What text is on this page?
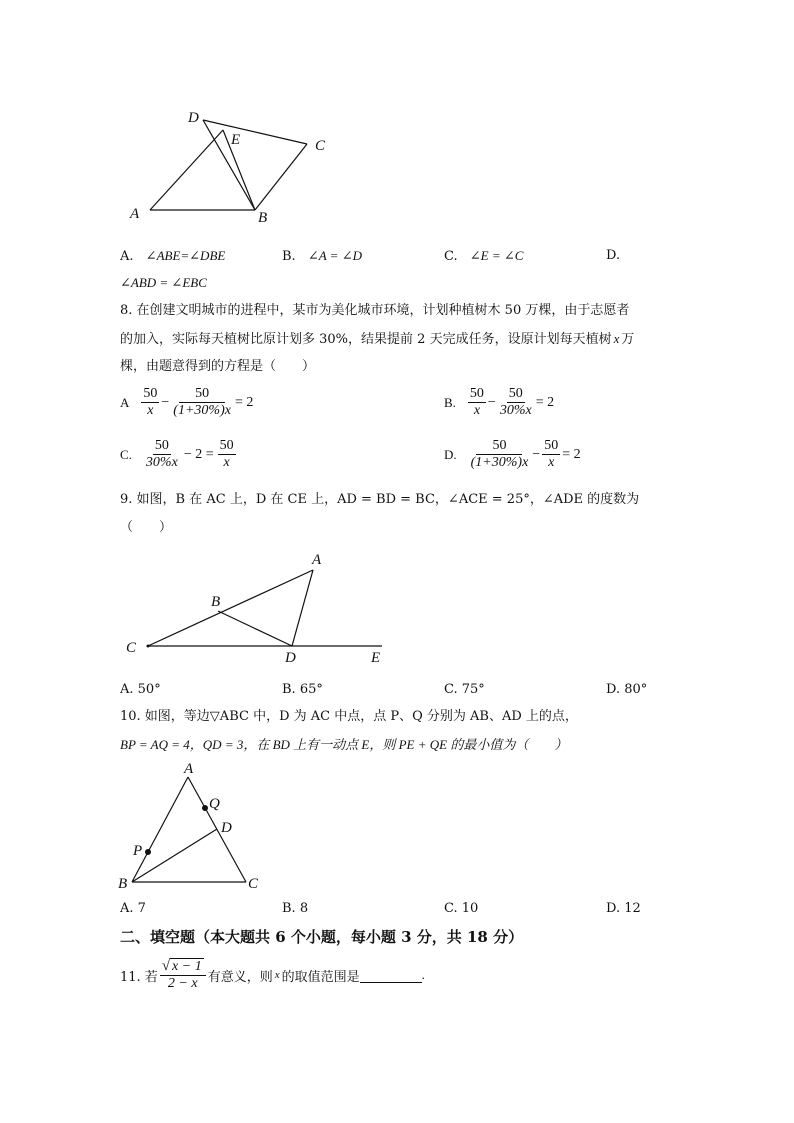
D
E	C
A	B
A. ∠ABE=∠DBE	B. ∠A = ∠D	C. ∠E = ∠C	D.
∠ABD = ∠EBC
8. 在创建文明城市的进程中，某市为美化城市环境，计划种植树木 50 万棵，由于志愿者
的加入，实际每天植树比原计划多 30%，结果提前 2 天完成任务，设原计划每天植树 x 万
棵，由题意得到的方程是（　　）
A $\frac{50}{x} - \frac{50}{(1+30\%)x} = 2$	B. $\frac{50}{x} - \frac{50}{30\%x} = 2$
C. $\frac{50}{30\%x} - 2 = \frac{50}{x}$	D. $\frac{50}{(1+30\%)x} - \frac{50}{x} = 2$
9. 如图，B 在 AC 上，D 在 CE 上，AD = BD = BC，∠ACE = 25°，∠ADE 的度数为
（　　）
A
B
C
D	E
A. 50°	B. 65°	C. 75°	D. 80°
10. 如图，等边▽ABC 中，D 为 AC 中点，点 P、Q 分别为 AB、AD 上的点，
BP = AQ = 4，QD = 3，在 BD 上有一动点 E，则 PE + QE 的最小值为（　　）
A
Q
D
P
B	C
A. 7	B. 8	C. 10	D. 12
二、填空题（本大题共 6 个小题，每小题 3 分，共 18 分）
11. 若 $\frac{√ x - 1}{2 - x}$ 有意义，则 x 的取值范围是	.
